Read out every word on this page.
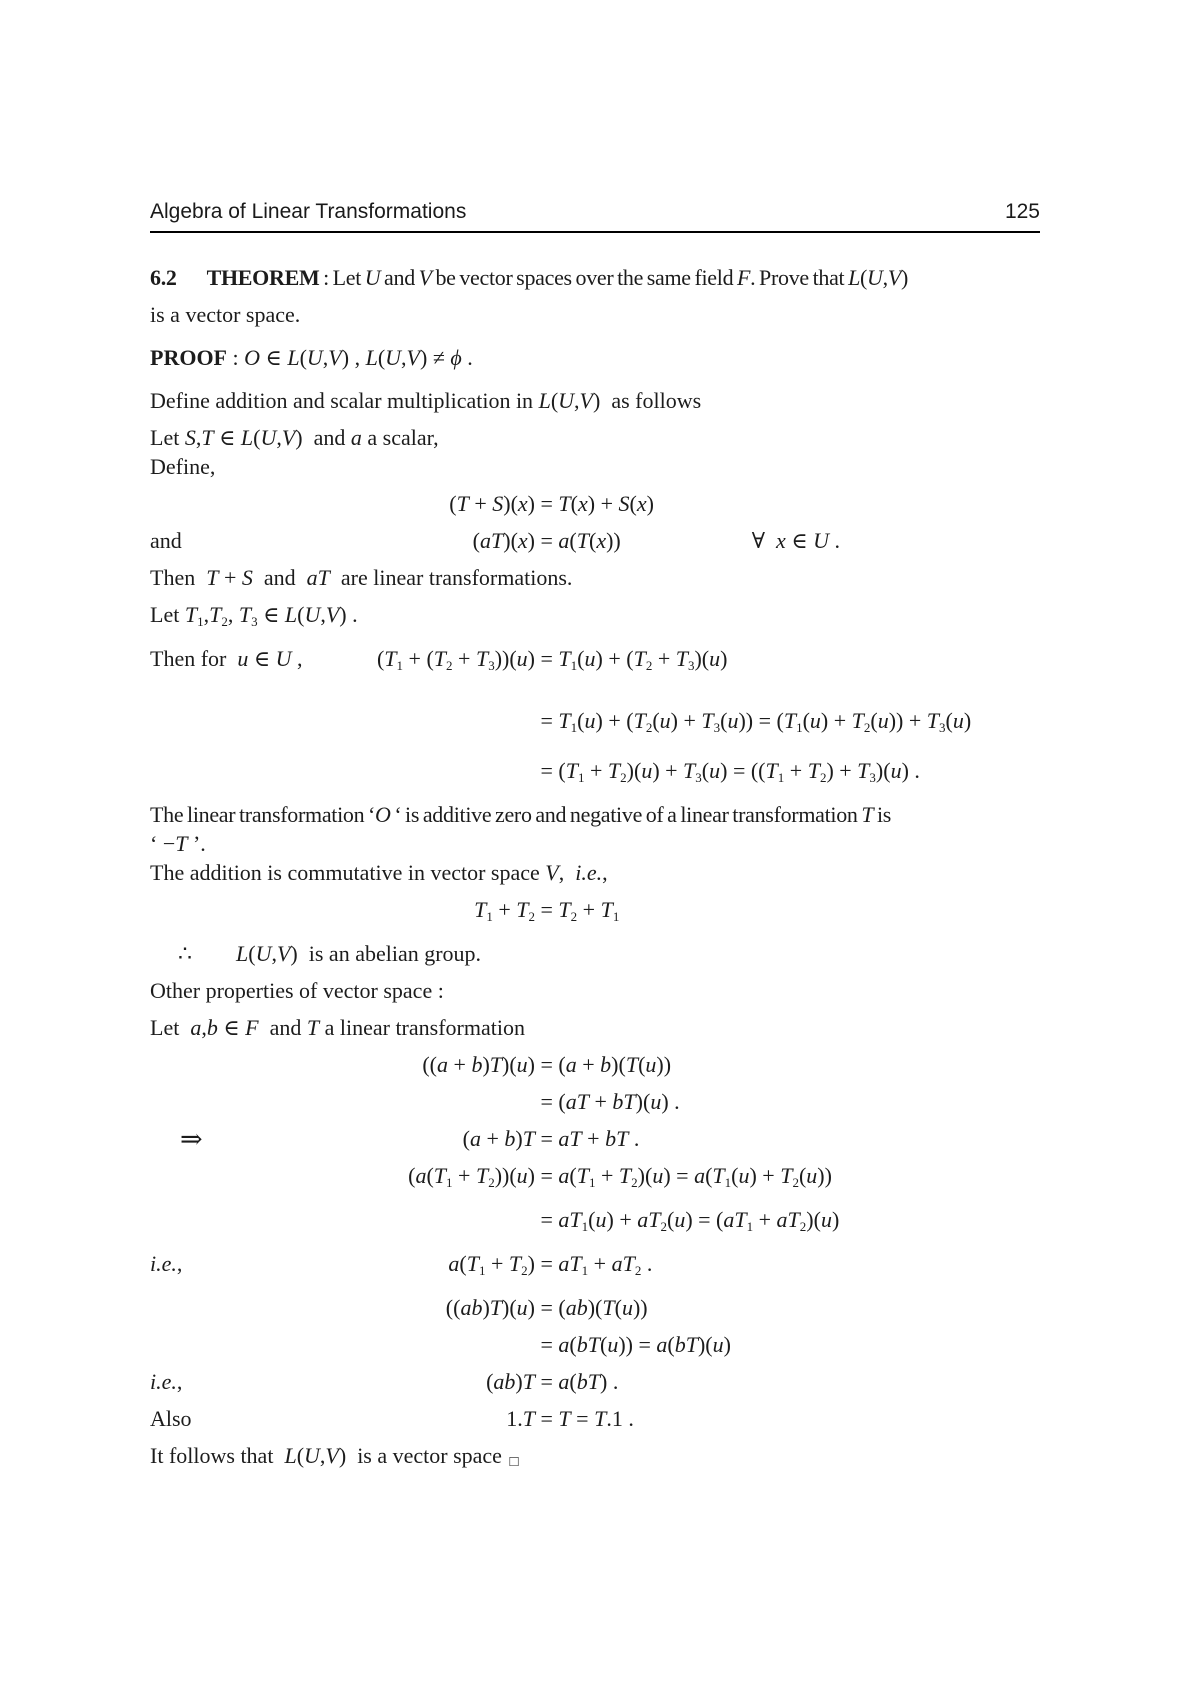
Algebra of Linear Transformations	125
6.2 THEOREM : Let U and V be vector spaces over the same field F. Prove that L(U,V)
is a vector space.
PROOF : O ∈ L(U,V) , L(U,V) ≠ ϕ .
Define addition and scalar multiplication in L(U,V)  as follows
Let S,T ∈ L(U,V)  and a a scalar,
Define,
(T + S)(x) = T(x) + S(x)
and	(aT)(x) = a(T(x))	∀  x ∈ U .
Then  T + S  and  aT  are linear transformations.
Let T1,T2, T3 ∈ L(U,V) .
Then for  u ∈ U ,	(T1 + (T2 + T3))(u) = T1(u) + (T2 + T3)(u)
= T1(u) + (T2(u) + T3(u)) = (T1(u) + T2(u)) + T3(u)
= (T1 + T2)(u) + T3(u) = ((T1 + T2) + T3)(u) .
The linear transformation ‘O ‘ is additive zero and negative of a linear transformation T is
‘ −T ’.
The addition is commutative in vector space V,  i.e.,
T1 + T2 = T2 + T1
∴ L(U,V)  is an abelian group.
Other properties of vector space :
Let  a,b ∈ F  and T a linear transformation
((a + b)T)(u) = (a + b)(T(u))
= (aT + bT)(u) .
⇒	(a + b)T = aT + bT .
(a(T1 + T2))(u) = a(T1 + T2)(u) = a(T1(u) + T2(u))
= aT1(u) + aT2(u) = (aT1 + aT2)(u)
i.e.,	a(T1 + T2) = aT1 + aT2 .
((ab)T)(u) = (ab)(T(u))
= a(bT(u)) = a(bT)(u)
i.e.,	(ab)T = a(bT) .
Also	1.T = T = T.1 .
It follows that  L(U,V)  is a vector space □
